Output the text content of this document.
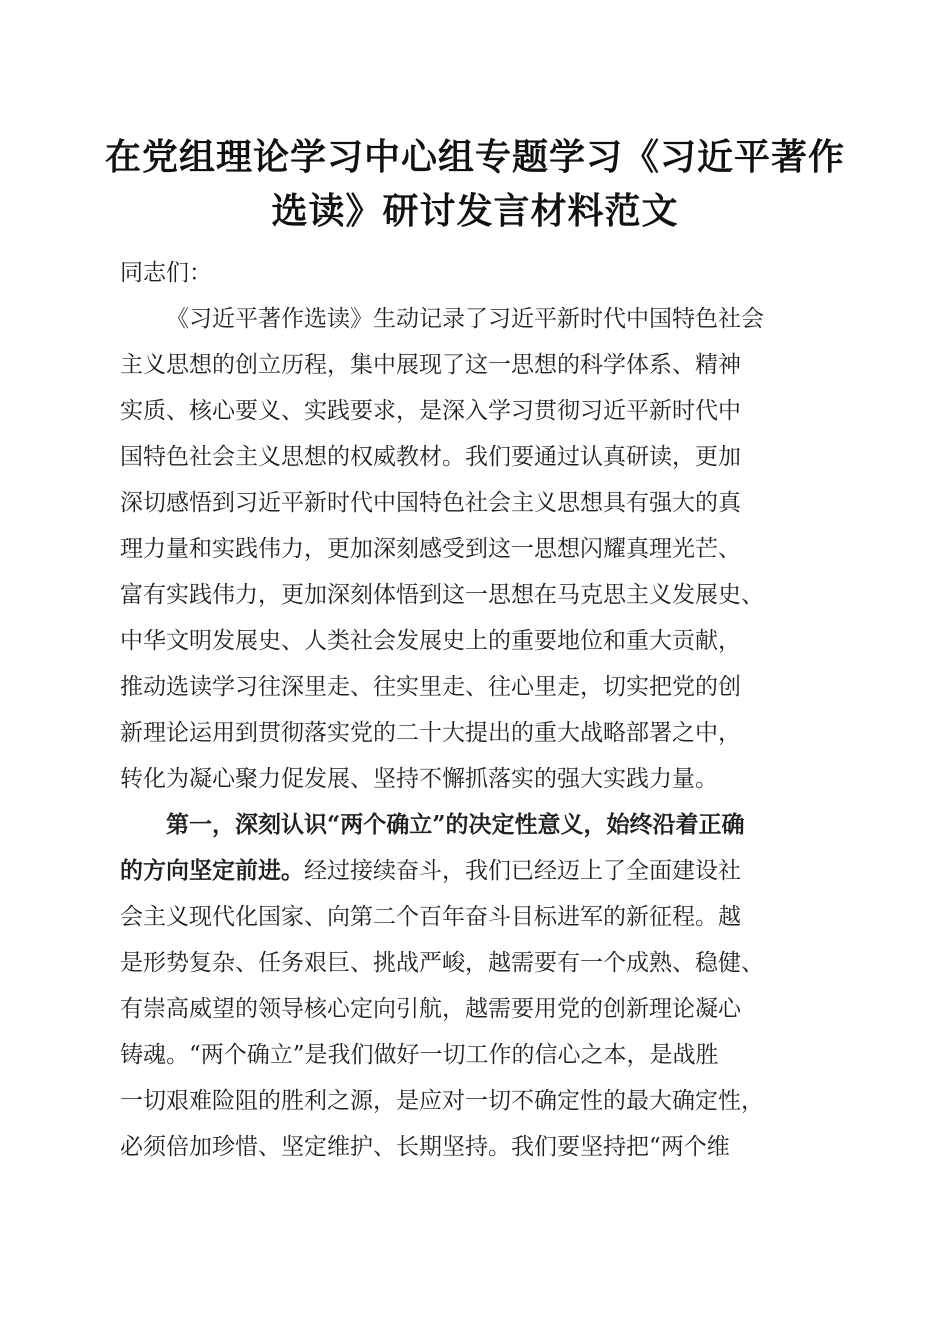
在党组理论学习中心组专题学习《习近平著作
选读》研讨发言材料范文
同志们：

《习近平著作选读》生动记录了习近平新时代中国特色社会
主义思想的创立历程，集中展现了这一思想的科学体系、精神
实质、核心要义、实践要求，是深入学习贯彻习近平新时代中
国特色社会主义思想的权威教材。我们要通过认真研读，更加
深切感悟到习近平新时代中国特色社会主义思想具有强大的真
理力量和实践伟力，更加深刻感受到这一思想闪耀真理光芒、
富有实践伟力，更加深刻体悟到这一思想在马克思主义发展史、
中华文明发展史、人类社会发展史上的重要地位和重大贡献，
推动选读学习往深里走、往实里走、往心里走，切实把党的创
新理论运用到贯彻落实党的二十大提出的重大战略部署之中，
转化为凝心聚力促发展、坚持不懈抓落实的强大实践力量。

第一，深刻认识“两个确立”的决定性意义，始终沿着正确
的方向坚定前进。经过接续奋斗，我们已经迈上了全面建设社
会主义现代化国家、向第二个百年奋斗目标进军的新征程。越
是形势复杂、任务艰巨、挑战严峻，越需要有一个成熟、稳健、
有崇高威望的领导核心定向引航，越需要用党的创新理论凝心
铸魂。“两个确立”是我们做好一切工作的信心之本，是战胜
一切艰难险阻的胜利之源，是应对一切不确定性的最大确定性，
必须倍加珍惜、坚定维护、长期坚持。我们要坚持把“两个维
